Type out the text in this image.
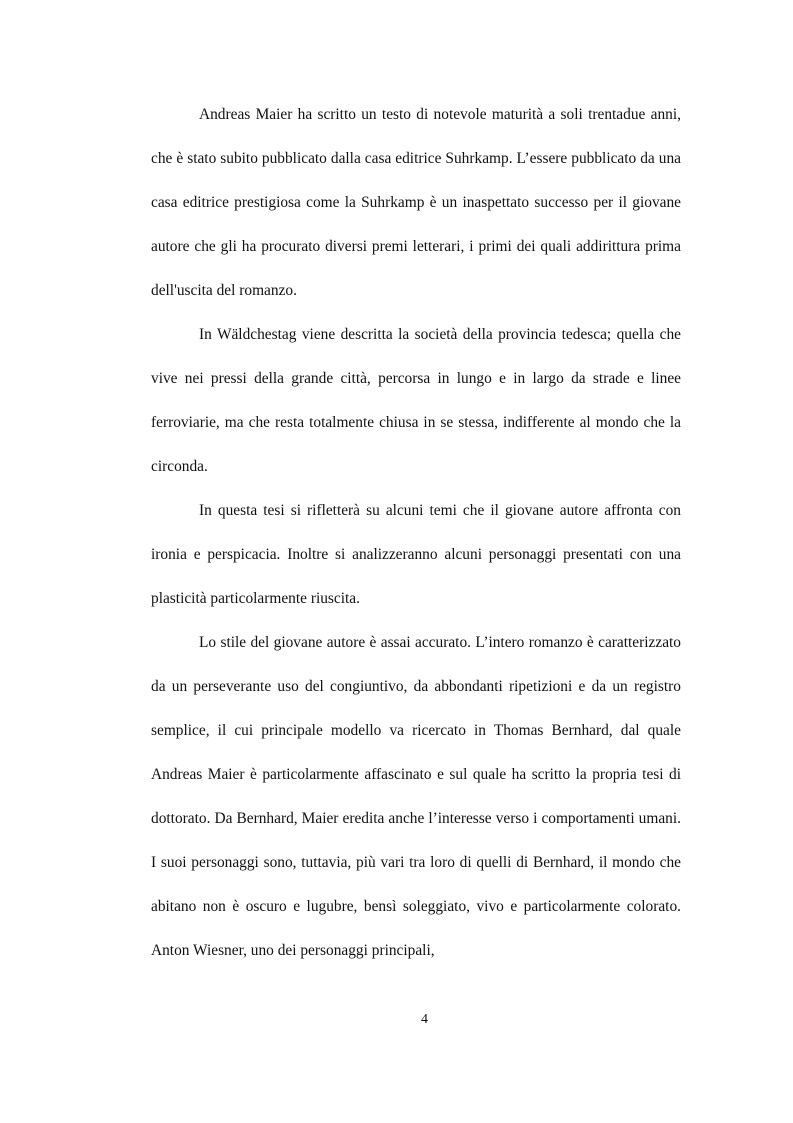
Andreas Maier ha scritto un testo di notevole maturità a soli trentadue anni, che è stato subito pubblicato dalla casa editrice Suhrkamp. L’essere pubblicato da una casa editrice prestigiosa come la Suhrkamp è un inaspettato successo per il giovane autore che gli ha procurato diversi premi letterari, i primi dei quali addirittura prima dell'uscita del romanzo.

In Wäldchestag viene descritta la società della provincia tedesca; quella che vive nei pressi della grande città, percorsa in lungo e in largo da strade e linee ferroviarie, ma che resta totalmente chiusa in se stessa, indifferente al mondo che la circonda.

In questa tesi si rifletterà su alcuni temi che il giovane autore affronta con ironia e perspicacia. Inoltre si analizzeranno alcuni personaggi presentati con una plasticità particolarmente riuscita.

Lo stile del giovane autore è assai accurato. L’intero romanzo è caratterizzato da un perseverante uso del congiuntivo, da abbondanti ripetizioni e da un registro semplice, il cui principale modello va ricercato in Thomas Bernhard, dal quale Andreas Maier è particolarmente affascinato e sul quale ha scritto la propria tesi di dottorato. Da Bernhard, Maier eredita anche l’interesse verso i comportamenti umani. I suoi personaggi sono, tuttavia, più vari tra loro di quelli di Bernhard, il mondo che abitano non è oscuro e lugubre, bensì soleggiato, vivo e particolarmente colorato. Anton Wiesner, uno dei personaggi principali,

4
